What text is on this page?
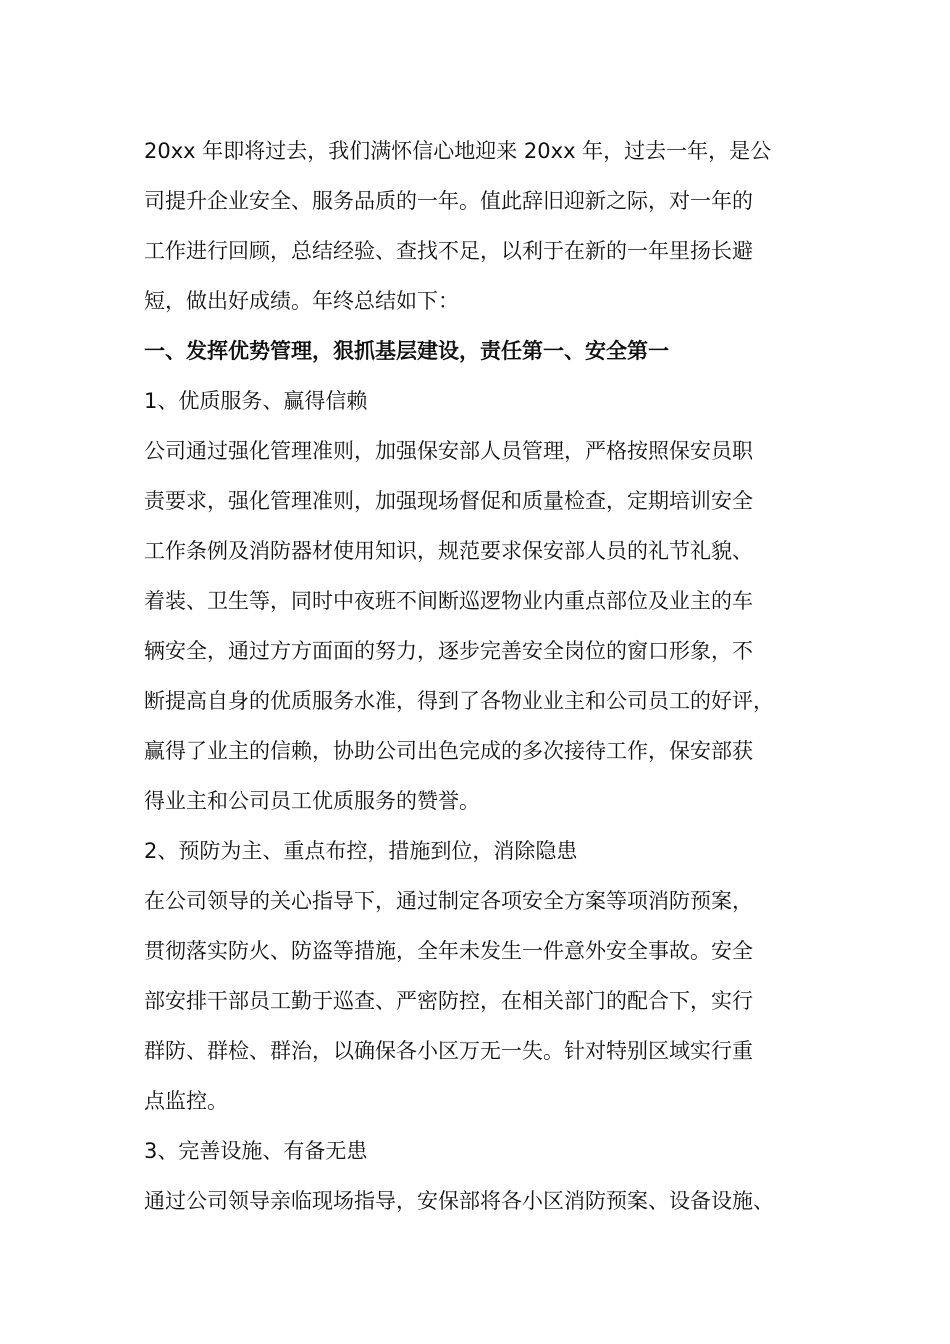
20xx 年即将过去，我们满怀信心地迎来 20xx 年，过去一年，是公
司提升企业安全、服务品质的一年。值此辞旧迎新之际，对一年的
工作进行回顾，总结经验、查找不足，以利于在新的一年里扬长避
短，做出好成绩。年终总结如下：
一、发挥优势管理，狠抓基层建设，责任第一、安全第一
1、优质服务、赢得信赖
公司通过强化管理准则，加强保安部人员管理，严格按照保安员职
责要求，强化管理准则，加强现场督促和质量检查，定期培训安全
工作条例及消防器材使用知识，规范要求保安部人员的礼节礼貌、
着装、卫生等，同时中夜班不间断巡逻物业内重点部位及业主的车
辆安全，通过方方面面的努力，逐步完善安全岗位的窗口形象，不
断提高自身的优质服务水准，得到了各物业业主和公司员工的好评，
赢得了业主的信赖，协助公司出色完成的多次接待工作，保安部获
得业主和公司员工优质服务的赞誉。
2、预防为主、重点布控，措施到位，消除隐患
在公司领导的关心指导下，通过制定各项安全方案等项消防预案，
贯彻落实防火、防盗等措施，全年未发生一件意外安全事故。安全
部安排干部员工勤于巡查、严密防控，在相关部门的配合下，实行
群防、群检、群治，以确保各小区万无一失。针对特别区域实行重
点监控。
3、完善设施、有备无患
通过公司领导亲临现场指导，安保部将各小区消防预案、设备设施、
